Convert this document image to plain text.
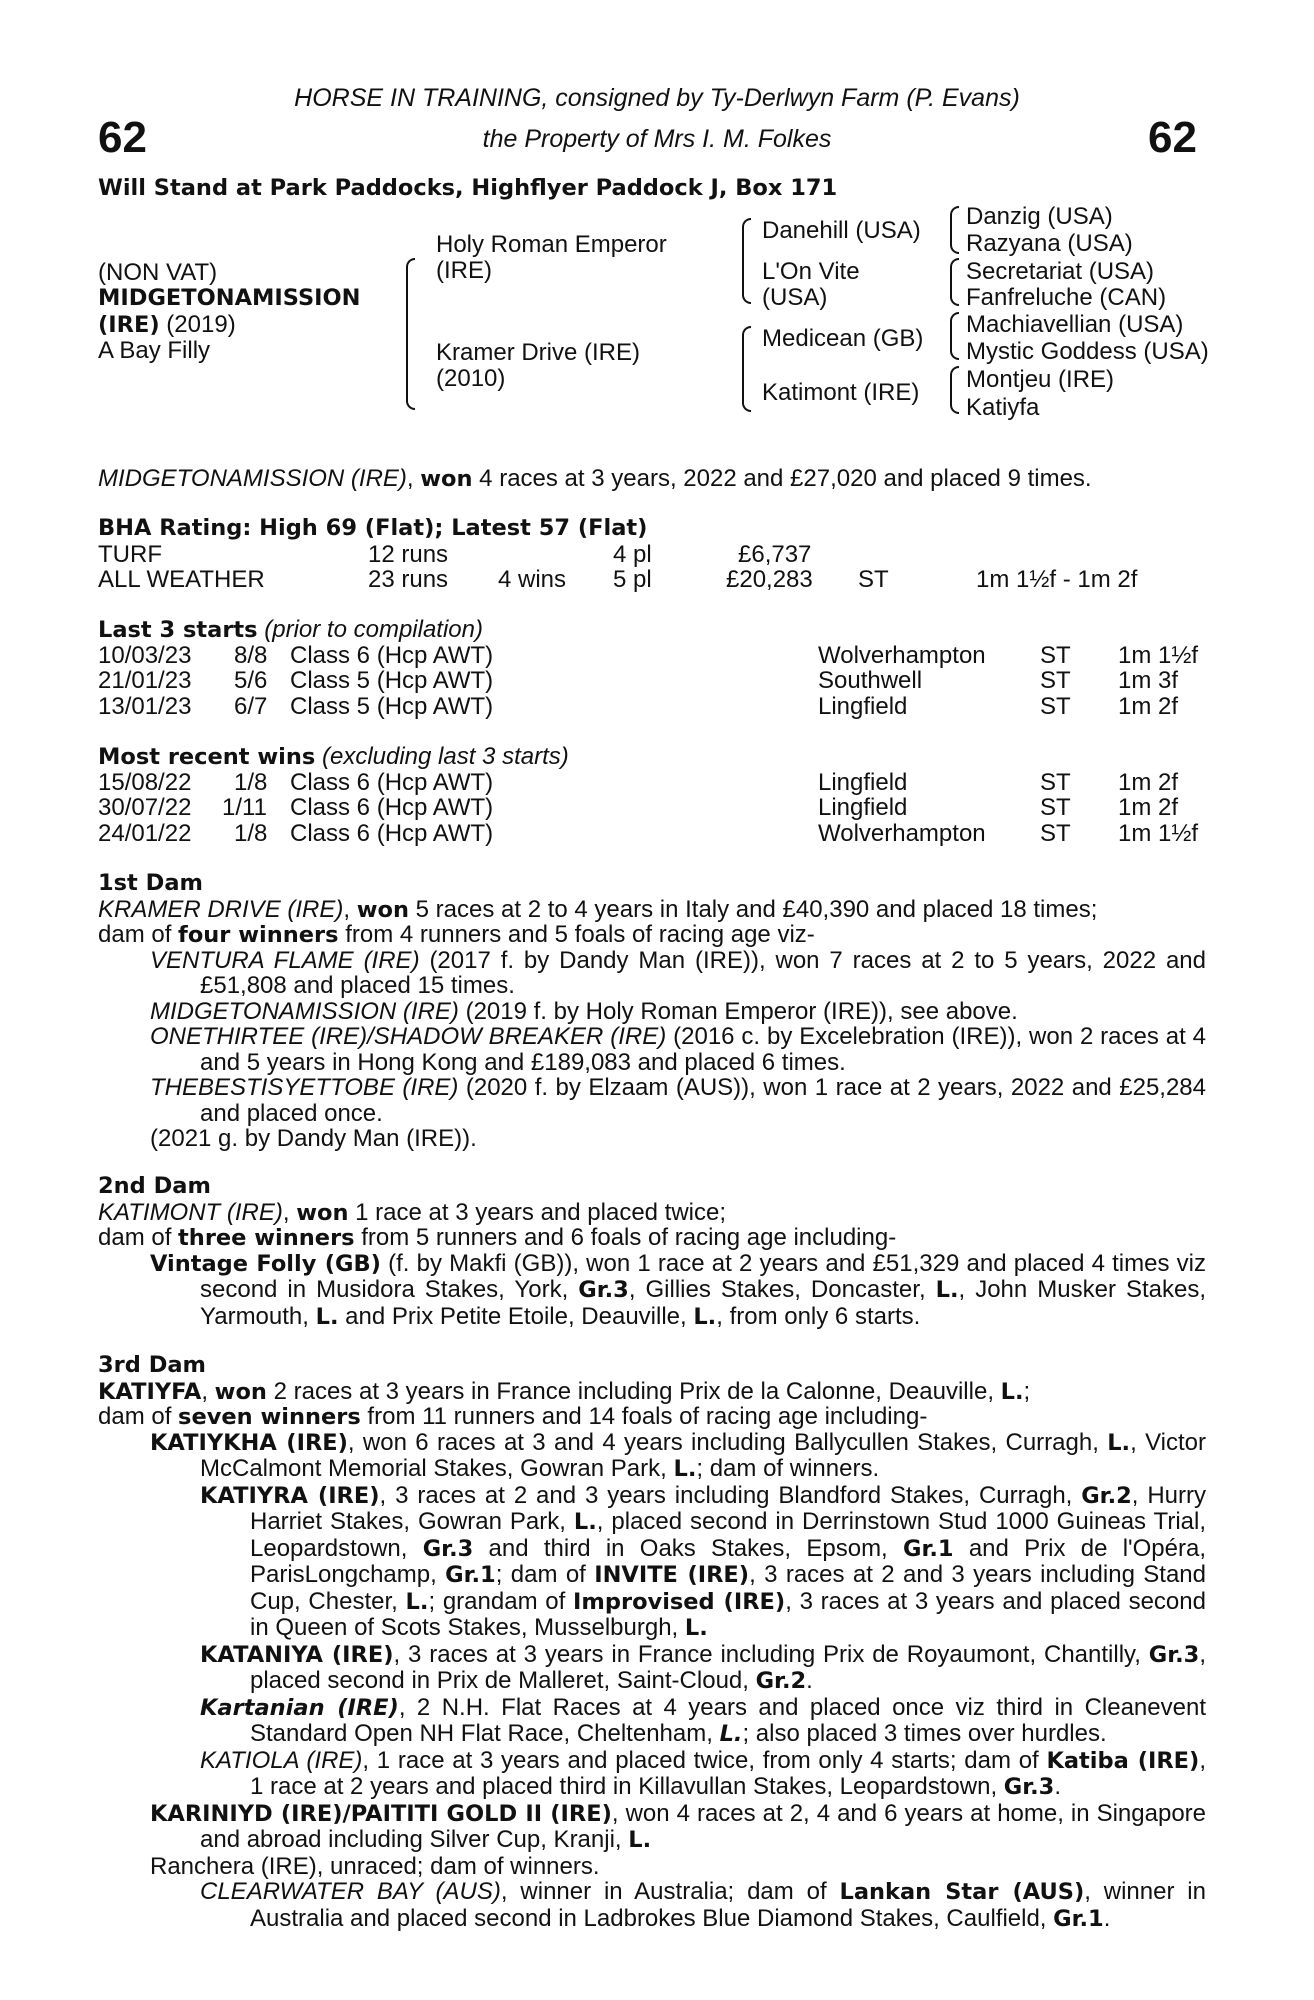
62	62
HORSE IN TRAINING, consigned by Ty-Derlwyn Farm (P. Evans)
the Property of Mrs I. M. Folkes
Will Stand at Park Paddocks, Highflyer Paddock J, Box 171
(NON VAT)
MIDGETONAMISSION
(IRE) (2019)
A Bay Filly
Holy Roman Emperor
(IRE)
Kramer Drive (IRE)
(2010)
Danehill (USA)
L'On Vite
(USA)
Medicean (GB)
Katimont (IRE)
Danzig (USA)
Razyana (USA)
Secretariat (USA)
Fanfreluche (CAN)
Machiavellian (USA)
Mystic Goddess (USA)
Montjeu (IRE)
Katiyfa
MIDGETONAMISSION (IRE), won 4 races at 3 years, 2022 and £27,020 and placed 9 times.
BHA Rating: High 69 (Flat); Latest 57 (Flat)
TURF	12 runs	4 pl	£6,737
ALL WEATHER	23 runs 4 wins 5 pl	£20,283 ST	1m 1½f - 1m 2f
Last 3 starts (prior to compilation)
10/03/23 8/8 Class 6 (Hcp AWT)	Wolverhampton ST 1m 1½f
21/01/23 5/6 Class 5 (Hcp AWT)	Southwell	ST 1m 3f
13/01/23 6/7 Class 5 (Hcp AWT)	Lingfield	ST 1m 2f
Most recent wins (excluding last 3 starts)
15/08/22 1/8 Class 6 (Hcp AWT)	Lingfield	ST 1m 2f
30/07/22 1/11 Class 6 (Hcp AWT)	Lingfield	ST 1m 2f
24/01/22 1/8 Class 6 (Hcp AWT)	Wolverhampton ST 1m 1½f
1st Dam
KRAMER DRIVE (IRE), won 5 races at 2 to 4 years in Italy and £40,390 and placed 18 times;
dam of four winners from 4 runners and 5 foals of racing age viz-
VENTURA FLAME (IRE) (2017 f. by Dandy Man (IRE)), won 7 races at 2 to 5 years, 2022 and £51,808 and placed 15 times.
MIDGETONAMISSION (IRE) (2019 f. by Holy Roman Emperor (IRE)), see above.
ONETHIRTEE (IRE)/SHADOW BREAKER (IRE) (2016 c. by Excelebration (IRE)), won 2 races at 4 and 5 years in Hong Kong and £189,083 and placed 6 times.
THEBESTISYETTOBE (IRE) (2020 f. by Elzaam (AUS)), won 1 race at 2 years, 2022 and £25,284 and placed once.
(2021 g. by Dandy Man (IRE)).
2nd Dam
KATIMONT (IRE), won 1 race at 3 years and placed twice;
dam of three winners from 5 runners and 6 foals of racing age including-
Vintage Folly (GB) (f. by Makfi (GB)), won 1 race at 2 years and £51,329 and placed 4 times viz second in Musidora Stakes, York, Gr.3, Gillies Stakes, Doncaster, L., John Musker Stakes, Yarmouth, L. and Prix Petite Etoile, Deauville, L., from only 6 starts.
3rd Dam
KATIYFA, won 2 races at 3 years in France including Prix de la Calonne, Deauville, L.;
dam of seven winners from 11 runners and 14 foals of racing age including-
KATIYKHA (IRE), won 6 races at 3 and 4 years including Ballycullen Stakes, Curragh, L., Victor McCalmont Memorial Stakes, Gowran Park, L.; dam of winners.
KATIYRA (IRE), 3 races at 2 and 3 years including Blandford Stakes, Curragh, Gr.2, Hurry Harriet Stakes, Gowran Park, L., placed second in Derrinstown Stud 1000 Guineas Trial, Leopardstown, Gr.3 and third in Oaks Stakes, Epsom, Gr.1 and Prix de l'Opéra, ParisLongchamp, Gr.1; dam of INVITE (IRE), 3 races at 2 and 3 years including Stand Cup, Chester, L.; grandam of Improvised (IRE), 3 races at 3 years and placed second in Queen of Scots Stakes, Musselburgh, L.
KATANIYA (IRE), 3 races at 3 years in France including Prix de Royaumont, Chantilly, Gr.3, placed second in Prix de Malleret, Saint-Cloud, Gr.2.
Kartanian (IRE), 2 N.H. Flat Races at 4 years and placed once viz third in Cleanevent Standard Open NH Flat Race, Cheltenham, L.; also placed 3 times over hurdles.
KATIOLA (IRE), 1 race at 3 years and placed twice, from only 4 starts; dam of Katiba (IRE), 1 race at 2 years and placed third in Killavullan Stakes, Leopardstown, Gr.3.
KARINIYD (IRE)/PAITITI GOLD II (IRE), won 4 races at 2, 4 and 6 years at home, in Singapore and abroad including Silver Cup, Kranji, L.
Ranchera (IRE), unraced; dam of winners.
CLEARWATER BAY (AUS), winner in Australia; dam of Lankan Star (AUS), winner in Australia and placed second in Ladbrokes Blue Diamond Stakes, Caulfield, Gr.1.
